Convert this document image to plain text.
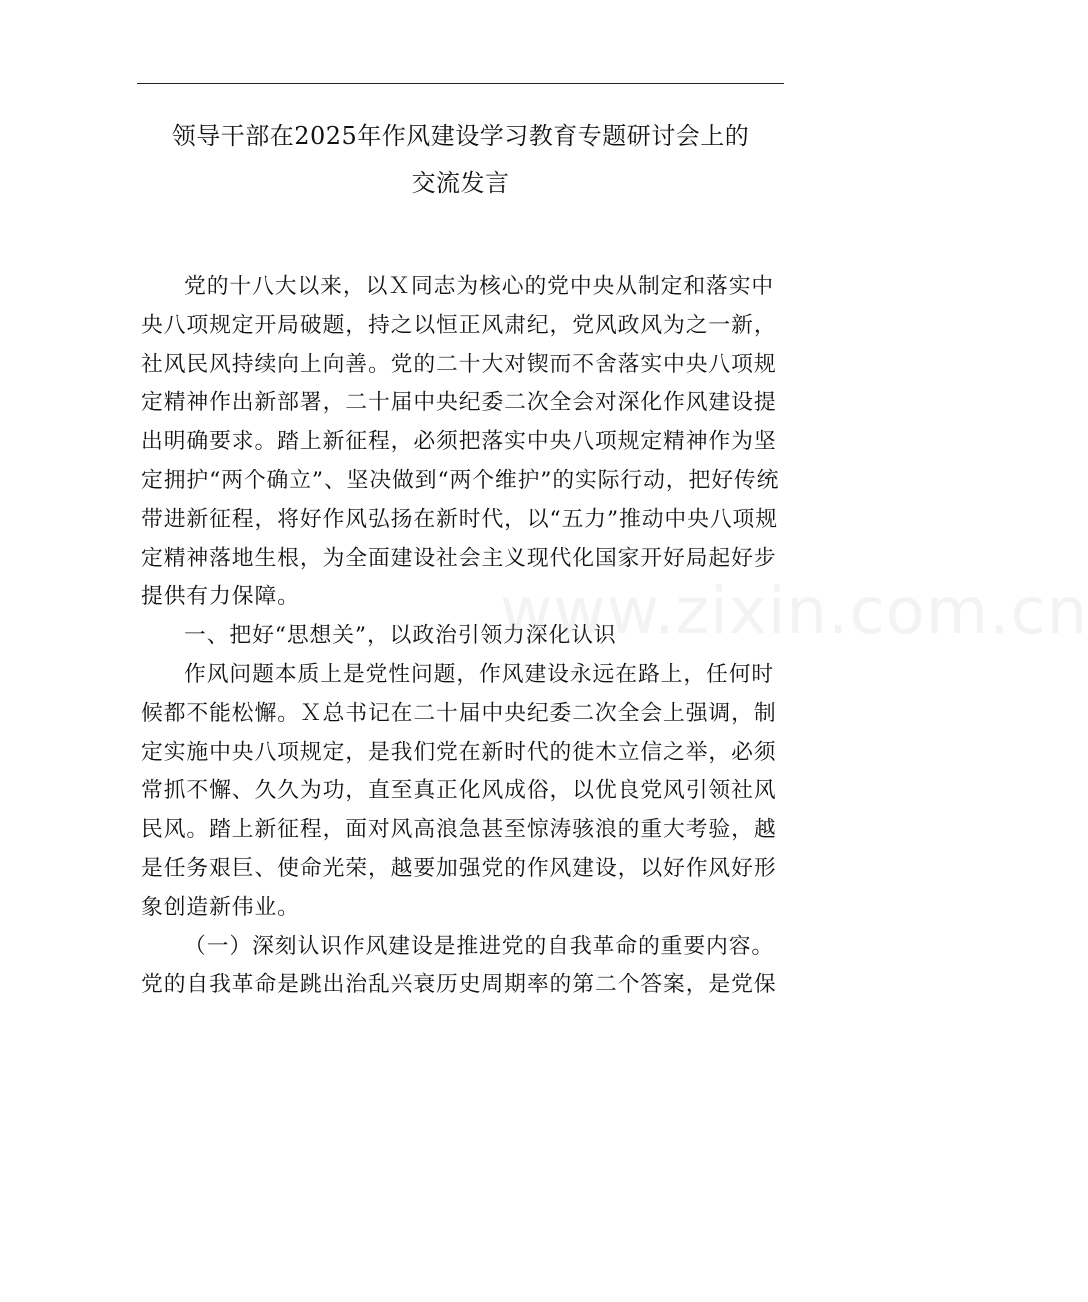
领导干部在2025年作风建设学习教育专题研讨会上的
交流发言
党的十八大以来，以Ｘ同志为核心的党中央从制定和落实中
央八项规定开局破题，持之以恒正风肃纪，党风政风为之一新，
社风民风持续向上向善。党的二十大对锲而不舍落实中央八项规
定精神作出新部署，二十届中央纪委二次全会对深化作风建设提
出明确要求。踏上新征程，必须把落实中央八项规定精神作为坚
定拥护“两个确立”、坚决做到“两个维护”的实际行动，把好传统
带进新征程，将好作风弘扬在新时代，以“五力”推动中央八项规
定精神落地生根，为全面建设社会主义现代化国家开好局起好步
提供有力保障。
一、把好“思想关”，以政治引领力深化认识
作风问题本质上是党性问题，作风建设永远在路上，任何时
候都不能松懈。Ｘ总书记在二十届中央纪委二次全会上强调，制
定实施中央八项规定，是我们党在新时代的徙木立信之举，必须
常抓不懈、久久为功，直至真正化风成俗，以优良党风引领社风
民风。踏上新征程，面对风高浪急甚至惊涛骇浪的重大考验，越
是任务艰巨、使命光荣，越要加强党的作风建设，以好作风好形
象创造新伟业。
（一）深刻认识作风建设是推进党的自我革命的重要内容。
党的自我革命是跳出治乱兴衰历史周期率的第二个答案，是党保
www.zixin.com.cn
